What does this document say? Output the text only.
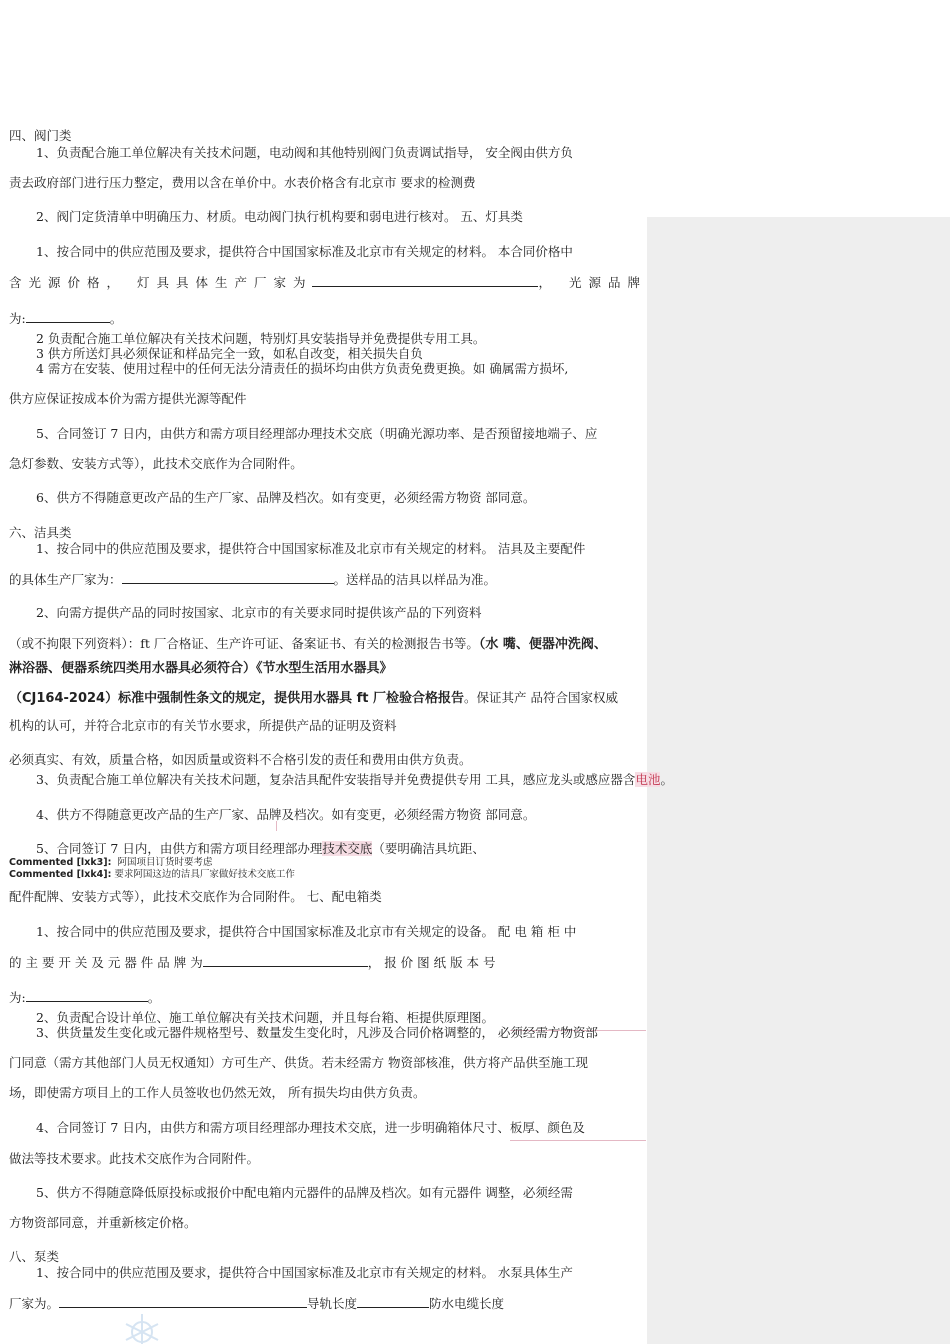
四、阀门类
1、负责配合施工单位解决有关技术问题，电动阀和其他特别阀门负责调试指导， 安全阀由供方负
责去政府部门进行压力整定，费用以含在单价中。水表价格含有北京市 要求的检测费
2、阀门定货清单中明确压力、材质。电动阀门执行机构要和弱电进行核对。 五、灯具类
1、按合同中的供应范围及要求，提供符合中国国家标准及北京市有关规定的材料。 本合同价格中
含光源价格， 灯具具体生产厂家为	， 光源品牌
为:	。
2 负责配合施工单位解决有关技术问题，特别灯具安装指导并免费提供专用工具。
3 供方所送灯具必须保证和样品完全一致，如私自改变，相关损失自负
4 需方在安装、使用过程中的任何无法分清责任的损坏均由供方负责免费更换。如 确属需方损坏,
供方应保证按成本价为需方提供光源等配件
5、合同签订 7 日内，由供方和需方项目经理部办理技术交底（明确光源功率、是否预留接地端子、应
急灯参数、安装方式等），此技术交底作为合同附件。
6、供方不得随意更改产品的生产厂家、品牌及档次。如有变更，必须经需方物资 部同意。
六、洁具类
1、按合同中的供应范围及要求，提供符合中国国家标准及北京市有关规定的材料。 洁具及主要配件
的具体生产厂家为：	。送样品的洁具以样品为准。
2、向需方提供产品的同时按国家、北京市的有关要求同时提供该产品的下列资料
（或不拘限下列资料）：ft 厂合格证、生产许可证、备案证书、有关的检测报告书等。（水 嘴、便器冲洗阀、
淋浴器、便器系统四类用水器具必须符合）《节水型生活用水器具》
（CJ164-2024）标准中强制性条文的规定，提供用水器具 ft 厂检验合格报告。保证其产 品符合国家权威
机构的认可，并符合北京市的有关节水要求，所提供产品的证明及资料
必须真实、有效，质量合格，如因质量或资料不合格引发的责任和费用由供方负责。
3、负责配合施工单位解决有关技术问题，复杂洁具配件安装指导并免费提供专用 工具，感应龙头或感应器含电池。
4、供方不得随意更改产品的生产厂家、品牌及档次。如有变更，必须经需方物资 部同意。
5、合同签订 7 日内，由供方和需方项目经理部办理技术交底（要明确洁具坑距、
Commented [lxk3]: 阿国项目订货时要考虑
Commented [lxk4]: 要求阿国这边的洁具厂家做好技术交底工作
配件配牌、安装方式等），此技术交底作为合同附件。 七、配电箱类
1、按合同中的供应范围及要求，提供符合中国国家标准及北京市有关规定的设备。 配 电 箱 柜 中
的 主 要 开 关 及 元 器 件 品 牌 为	， 报 价 图 纸 版 本 号
为:	。
2、负责配合设计单位、施工单位解决有关技术问题，并且每台箱、柜提供原理图。
3、供货量发生变化或元器件规格型号、数量发生变化时，凡涉及合同价格调整的， 必须经需方物资部
门同意（需方其他部门人员无权通知）方可生产、供货。若未经需方 物资部核准，供方将产品供至施工现
场，即使需方项目上的工作人员签收也仍然无效， 所有损失均由供方负责。
4、合同签订 7 日内，由供方和需方项目经理部办理技术交底，进一步明确箱体尺寸、板厚、颜色及
做法等技术要求。此技术交底作为合同附件。
5、供方不得随意降低原投标或报价中配电箱内元器件的品牌及档次。如有元器件 调整，必须经需
方物资部同意，并重新核定价格。
八、泵类
1、按合同中的供应范围及要求，提供符合中国国家标准及北京市有关规定的材料。 水泵具体生产
厂家为。	导轨长度	防水电缆长度
